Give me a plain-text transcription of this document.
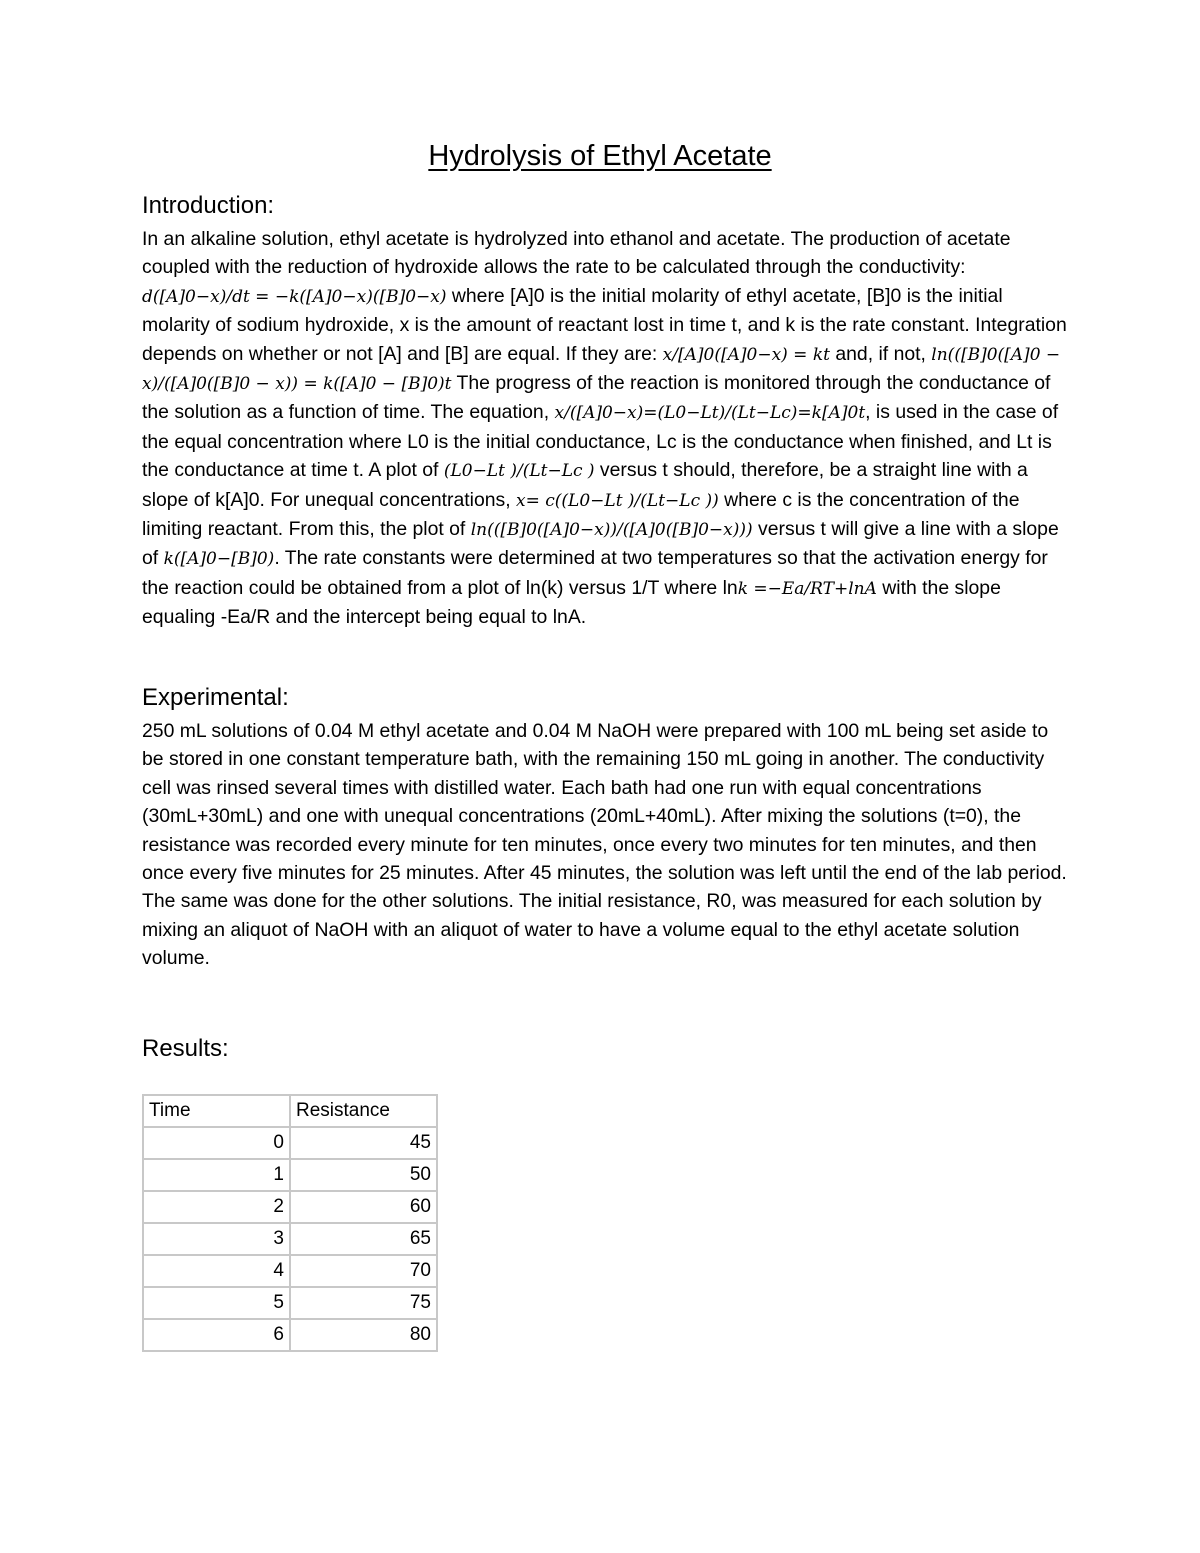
Hydrolysis of Ethyl Acetate
Introduction:

In an alkaline solution, ethyl acetate is hydrolyzed into ethanol and acetate. The production of acetate coupled with the reduction of hydroxide allows the rate to be calculated through the conductivity: d([A]0−x)/dt = −k([A]0−x)([B]0−x) where [A]0 is the initial molarity of ethyl acetate, [B]0 is the initial molarity of sodium hydroxide, x is the amount of reactant lost in time t, and k is the rate constant. Integration depends on whether or not [A] and [B] are equal. If they are: x/[A]0([A]0−x) = kt and, if not, ln(([B]0([A]0 − x)/([A]0([B]0 − x)) = k([A]0 − [B]0)t The progress of the reaction is monitored through the conductance of the solution as a function of time. The equation, x/([A]0−x)=(L0−Lt)/(Lt−Lc)=k[A]0t, is used in the case of the equal concentration where L0 is the initial conductance, Lc is the conductance when finished, and Lt is the conductance at time t. A plot of (L0−Lt )/(Lt−Lc ) versus t should, therefore, be a straight line with a slope of k[A]0. For unequal concentrations, x= c((L0−Lt )/(Lt−Lc )) where c is the concentration of the limiting reactant. From this, the plot of ln(([B]0([A]0−x))/([A]0([B]0−x))) versus t will give a line with a slope of k([A]0−[B]0). The rate constants were determined at two temperatures so that the activation energy for the reaction could be obtained from a plot of ln(k) versus 1/T where lnk =−Ea/RT+lnA with the slope equaling -Ea/R and the intercept being equal to lnA.

Experimental:

250 mL solutions of 0.04 M ethyl acetate and 0.04 M NaOH were prepared with 100 mL being set aside to be stored in one constant temperature bath, with the remaining 150 mL going in another. The conductivity cell was rinsed several times with distilled water. Each bath had one run with equal concentrations (30mL+30mL) and one with unequal concentrations (20mL+40mL). After mixing the solutions (t=0), the resistance was recorded every minute for ten minutes, once every two minutes for ten minutes, and then once every five minutes for 25 minutes. After 45 minutes, the solution was left until the end of the lab period. The same was done for the other solutions. The initial resistance, R0, was measured for each solution by mixing an aliquot of NaOH with an aliquot of water to have a volume equal to the ethyl acetate solution volume.

Results:
Time	Resistance
0	45
1	50
2	60
3	65
4	70
5	75
6	80
